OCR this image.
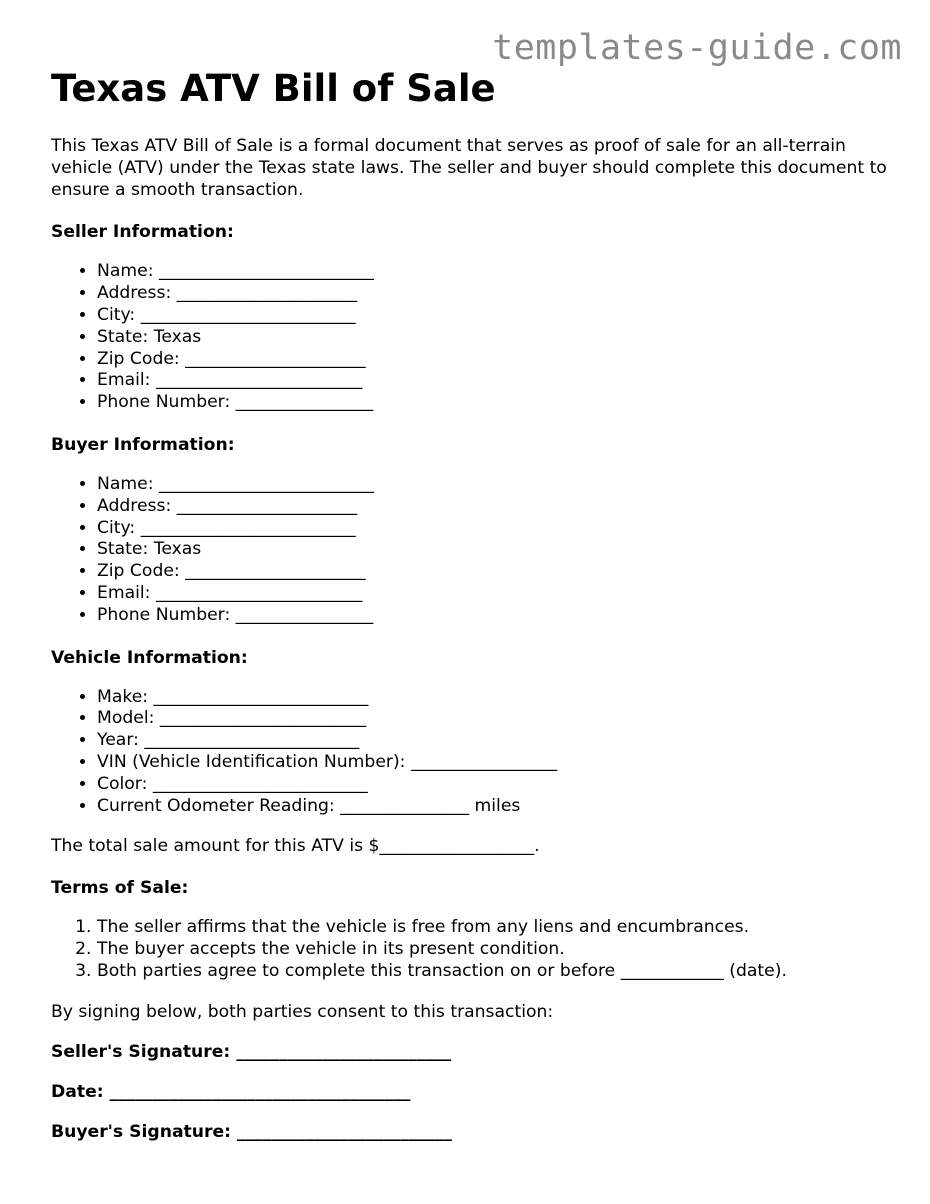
templates-guide.com
Texas ATV Bill of Sale
This Texas ATV Bill of Sale is a formal document that serves as proof of sale for an all-terrain vehicle (ATV) under the Texas state laws. The seller and buyer should complete this document to ensure a smooth transaction.
Seller Information:
• Name: _________________________
• Address: _____________________
• City: _________________________
• State: Texas
• Zip Code: _____________________
• Email: ________________________
• Phone Number: ________________
Buyer Information:
• Name: _________________________
• Address: _____________________
• City: _________________________
• State: Texas
• Zip Code: _____________________
• Email: ________________________
• Phone Number: ________________
Vehicle Information:
• Make: _________________________
• Model: ________________________
• Year: _________________________
• VIN (Vehicle Identification Number): _________________
• Color: _________________________
• Current Odometer Reading: _______________ miles

The total sale amount for this ATV is $__________________.

Terms of Sale:
1. The seller affirms that the vehicle is free from any liens and encumbrances.
2. The buyer accepts the vehicle in its present condition.
3. Both parties agree to complete this transaction on or before ____________ (date).

By signing below, both parties consent to this transaction:

Seller's Signature: _________________________
Date: ___________________________________
Buyer's Signature: _________________________
